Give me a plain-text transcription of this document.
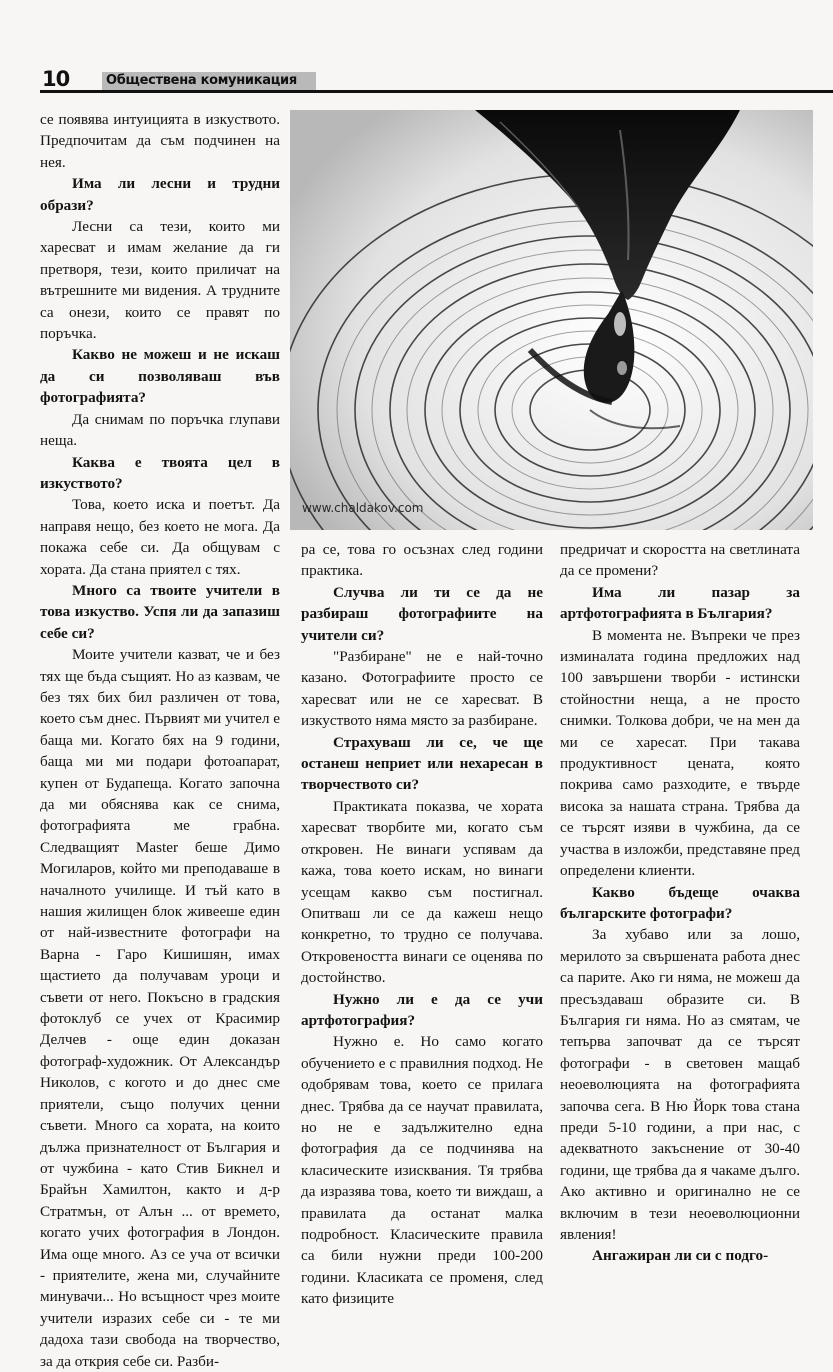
10	Обществена комуникация
www.chaldakov.com

се появява интуицията в изкуството. Предпочитам да съм подчинен на нея.

Има ли лесни и трудни образи?

Лесни са тези, които ми харесват и имам желание да ги претворя, тези, които приличат на вътрешните ми видения. А трудните са онези, които се правят по поръчка.

Какво не можеш и не искаш да си позволяваш във фотографията?

Да снимам по поръчка глупави неща.

Каква е твоята цел в изкуството?

Това, което иска и поетът. Да направя нещо, без което не мога. Да покажа себе си. Да общувам с хората. Да стана приятел с тях.

Много са твоите учители в това изкуство. Успя ли да запазиш себе си?

Моите учители казват, че и без тях ще бъда същият. Но аз казвам, че без тях бих бил различен от това, което съм днес. Първият ми учител е баща ми. Когато бях на 9 години, баща ми ми подари фотоапарат, купен от Будапеща. Когато започна да ми обяснява как се снима, фотографията ме грабна. Следващият Master беше Димо Могиларов, който ми преподаваше в началното училище. И тъй като в нашия жилищен блок живееше един от най-известните фотографи на Варна - Гаро Кишишян, имах щастието да получавам уроци и съвети от него. Покъсно в градския фотоклуб се учех от Красимир Делчев - още един доказан фотограф-художник. От Александър Николов, с когото и до днес сме приятели, също получих ценни съвети. Много са хората, на които дължа признателност от България и от чужбина - като Стив Бикнел и Брайън Хамилтон, както и д-р Стратмън, от Алън ... от времето, когато учих фотография в Лондон. Има още много. Аз се уча от всички - приятелите, жена ми, случайните минувачи... Но всъщност чрез моите учители изразих себе си - те ми дадоха тази свобода на творчество, за да открия себе си. Разби-

ра се, това го осъзнах след години практика.

Случва ли ти се да не разбираш фотографиите на учители си?

"Разбиране" не е най-точно казано. Фотографиите просто се харесват или не се харесват. В изкуството няма място за разбиране.

Страхуваш ли се, че ще останеш неприет или нехаресан в творчеството си?

Практиката показва, че хората харесват творбите ми, когато съм откровен. Не винаги успявам да кажа, това което искам, но винаги усещам какво съм постигнал. Опитваш ли се да кажеш нещо конкретно, то трудно се получава. Откровеността винаги се оценява по достойнство.

Нужно ли е да се учи артфотография?

Нужно е. Но само когато обучението е с правилния подход. Не одобрявам това, което се прилага днес. Трябва да се научат правилата, но не е задължително една фотография да се подчинява на класическите изисквания. Тя трябва да изразява това, което ти виждаш, а правилата да останат малка подробност. Класическите правила са били нужни преди 100-200 години. Класиката се променя, след като физиците

предричат и скоростта на светлината да се промени?

Има ли пазар за артфотографията в България?

В момента не. Въпреки че през изминалата година предложих над 100 завършени творби - истински стойностни неща, а не просто снимки. Толкова добри, че на мен да ми се харесат. При такава продуктивност цената, която покрива само разходите, е твърде висока за нашата страна. Трябва да се търсят изяви в чужбина, да се участва в изложби, представяне пред определени клиенти.

Какво бъдеще очаква българските фотографи?

За хубаво или за лошо, мерилото за свършената работа днес са парите. Ако ги няма, не можеш да пресъздаваш образите си. В България ги няма. Но аз смятам, че тепърва започват да се търсят фотографи - в световен мащаб неоеволюцията на фотографията започва сега. В Ню Йорк това стана преди 5-10 години, а при нас, с адекватното закъснение от 30-40 години, ще трябва да я чакаме дълго. Ако активно и оригинално не се включим в тези неоеволюционни явления!

Ангажиран ли си с подго-
